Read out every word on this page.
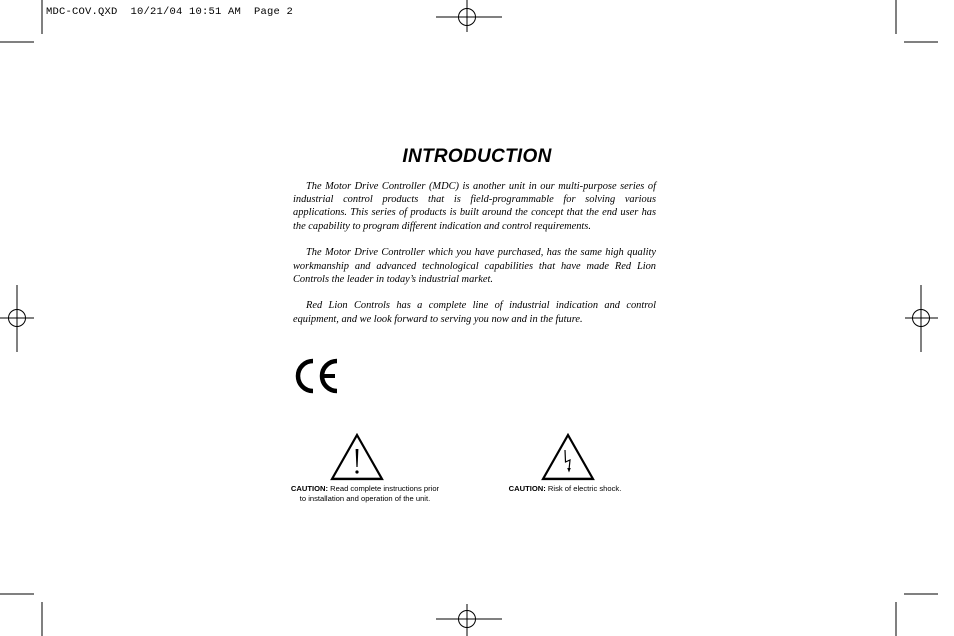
MDC-COV.QXD  10/21/04 10:51 AM  Page 2
INTRODUCTION

The Motor Drive Controller (MDC) is another unit in our multi-purpose series of industrial control products that is field-programmable for solving various applications. This series of products is built around the concept that the end user has the capability to program different indication and control requirements.

The Motor Drive Controller which you have purchased, has the same high quality workmanship and advanced technological capabilities that have made Red Lion Controls the leader in today’s industrial market.

Red Lion Controls has a complete line of industrial indication and control equipment, and we look forward to serving you now and in the future.

CAUTION: Read complete instructions prior
to installation and operation of the unit.
CAUTION: Risk of electric shock.
